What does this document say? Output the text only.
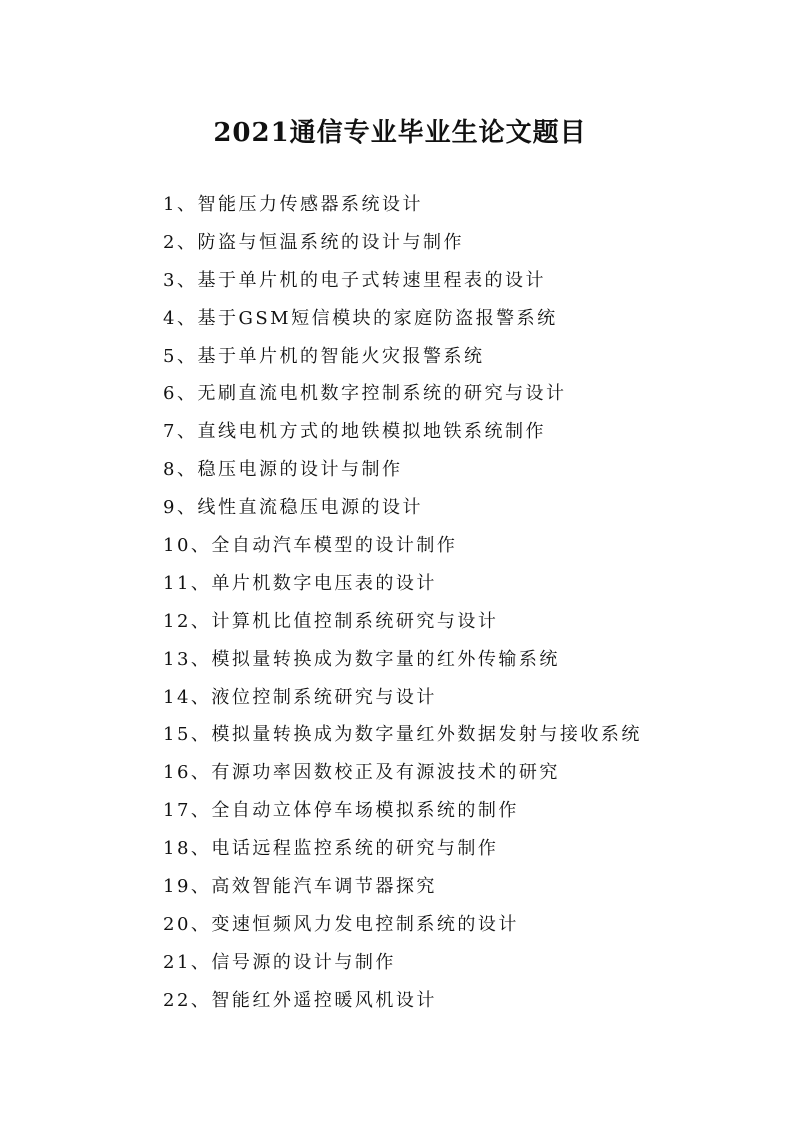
2021通信专业毕业生论文题目
1、智能压力传感器系统设计
2、防盗与恒温系统的设计与制作
3、基于单片机的电子式转速里程表的设计
4、基于GSM短信模块的家庭防盗报警系统
5、基于单片机的智能火灾报警系统
6、无刷直流电机数字控制系统的研究与设计
7、直线电机方式的地铁模拟地铁系统制作
8、稳压电源的设计与制作
9、线性直流稳压电源的设计
10、全自动汽车模型的设计制作
11、单片机数字电压表的设计
12、计算机比值控制系统研究与设计
13、模拟量转换成为数字量的红外传输系统
14、液位控制系统研究与设计
15、模拟量转换成为数字量红外数据发射与接收系统
16、有源功率因数校正及有源波技术的研究
17、全自动立体停车场模拟系统的制作
18、电话远程监控系统的研究与制作
19、高效智能汽车调节器探究
20、变速恒频风力发电控制系统的设计
21、信号源的设计与制作
22、智能红外遥控暖风机设计
